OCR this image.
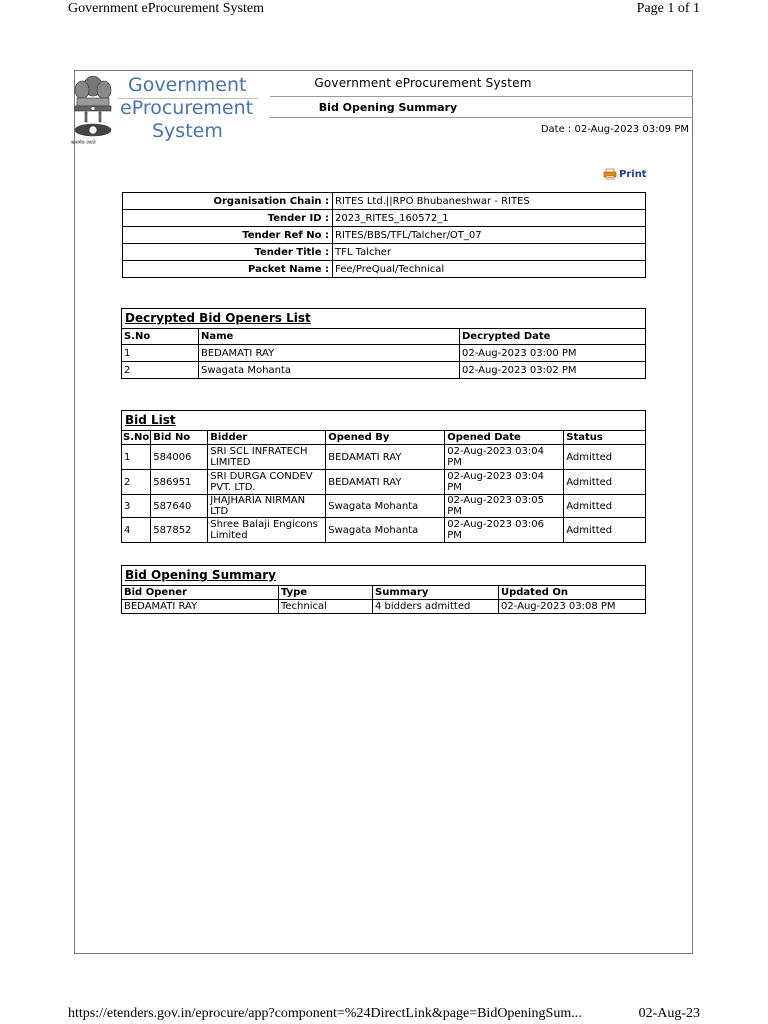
Government eProcurement System	Page 1 of 1
सत्यमेव जयते
Government
eProcurement
System
Government eProcurement System
Bid Opening Summary
Date : 02-Aug-2023 03:09 PM
Print
Organisation Chain :	RITES Ltd.||RPO Bhubaneshwar - RITES
Tender ID :	2023_RITES_160572_1
Tender Ref No :	RITES/BBS/TFL/Talcher/OT_07
Tender Title :	TFL Talcher
Packet Name :	Fee/PreQual/Technical
Decrypted Bid Openers List
S.No	Name	Decrypted Date
1	BEDAMATI RAY	02-Aug-2023 03:00 PM
2	Swagata Mohanta	02-Aug-2023 03:02 PM
Bid List
S.No	Bid No	Bidder	Opened By	Opened Date	Status
1	584006	SRI SCL INFRATECH LIMITED	BEDAMATI RAY	02-Aug-2023 03:04 PM	Admitted
2	586951	SRI DURGA CONDEV PVT. LTD.	BEDAMATI RAY	02-Aug-2023 03:04 PM	Admitted
3	587640	JHAJHARIA NIRMAN LTD	Swagata Mohanta	02-Aug-2023 03:05 PM	Admitted
4	587852	Shree Balaji Engicons Limited	Swagata Mohanta	02-Aug-2023 03:06 PM	Admitted
Bid Opening Summary
Bid Opener	Type	Summary	Updated On
BEDAMATI RAY	Technical	4 bidders admitted	02-Aug-2023 03:08 PM
https://etenders.gov.in/eprocure/app?component=%24DirectLink&page=BidOpeningSum...	02-Aug-23
